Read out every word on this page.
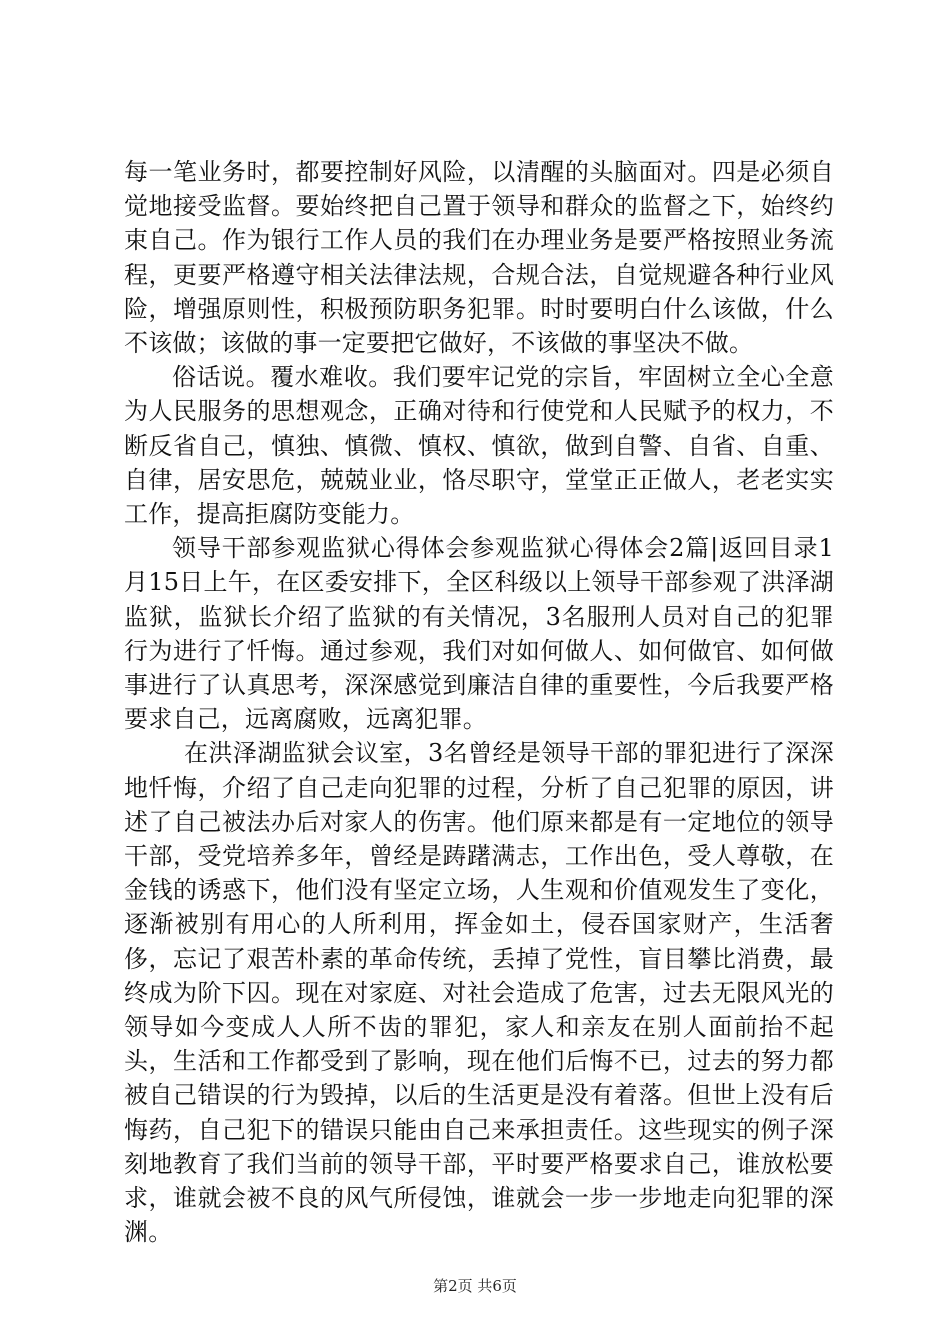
每一笔业务时，都要控制好风险，以清醒的头脑面对。四是必须自觉地接受监督。要始终把自己置于领导和群众的监督之下，始终约束自己。作为银行工作人员的我们在办理业务是要严格按照业务流程，更要严格遵守相关法律法规，合规合法，自觉规避各种行业风险，增强原则性，积极预防职务犯罪。时时要明白什么该做，什么不该做；该做的事一定要把它做好，不该做的事坚决不做。

俗话说。覆水难收。我们要牢记党的宗旨，牢固树立全心全意为人民服务的思想观念，正确对待和行使党和人民赋予的权力，不断反省自己，慎独、慎微、慎权、慎欲，做到自警、自省、自重、自律，居安思危，兢兢业业，恪尽职守，堂堂正正做人，老老实实工作，提高拒腐防变能力。

领导干部参观监狱心得体会参观监狱心得体会2篇|返回目录1月15日上午，在区委安排下，全区科级以上领导干部参观了洪泽湖监狱，监狱长介绍了监狱的有关情况，3名服刑人员对自己的犯罪行为进行了忏悔。通过参观，我们对如何做人、如何做官、如何做事进行了认真思考，深深感觉到廉洁自律的重要性，今后我要严格要求自己，远离腐败，远离犯罪。

在洪泽湖监狱会议室，3名曾经是领导干部的罪犯进行了深深地忏悔，介绍了自己走向犯罪的过程，分析了自己犯罪的原因，讲述了自己被法办后对家人的伤害。他们原来都是有一定地位的领导干部，受党培养多年，曾经是踌躇满志，工作出色，受人尊敬，在金钱的诱惑下，他们没有坚定立场，人生观和价值观发生了变化，逐渐被别有用心的人所利用，挥金如土，侵吞国家财产，生活奢侈，忘记了艰苦朴素的革命传统，丢掉了党性，盲目攀比消费，最终成为阶下囚。现在对家庭、对社会造成了危害，过去无限风光的领导如今变成人人所不齿的罪犯，家人和亲友在别人面前抬不起头，生活和工作都受到了影响，现在他们后悔不已，过去的努力都被自己错误的行为毁掉，以后的生活更是没有着落。但世上没有后悔药，自己犯下的错误只能由自己来承担责任。这些现实的例子深刻地教育了我们当前的领导干部，平时要严格要求自己，谁放松要求，谁就会被不良的风气所侵蚀，谁就会一步一步地走向犯罪的深渊。

第2页 共6页
